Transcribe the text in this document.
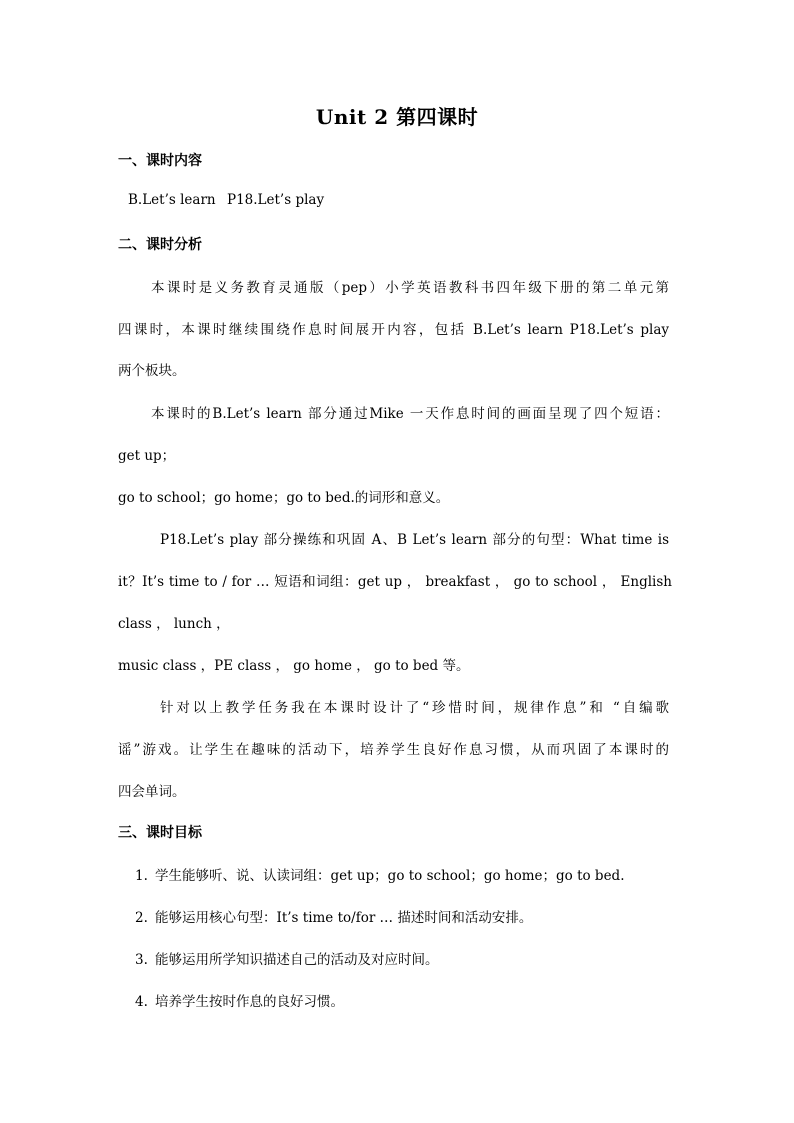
Unit 2 第四课时
一、课时内容
B.Let’s learn P18.Let’s play
二、课时分析
本课时是义务教育灵通版（pep）小学英语教科书四年级下册的第二单元第
四课时，本课时继续围绕作息时间展开内容，包括 B.Let’s learn P18.Let’s play
两个板块。
本课时的B.Let’s learn 部分通过Mike 一天作息时间的画面呈现了四个短语：
get up；
go to school；go home；go to bed.的词形和意义。
P18.Let’s play 部分操练和巩固 A、B Let’s learn 部分的句型：What time is
it？It’s time to / for … 短语和词组：get up ， breakfast ， go to school ， English
class ， lunch ，
music class ，PE class ， go home ， go to bed 等。
针对以上教学任务我在本课时设计了“珍惜时间，规律作息”和 “自编歌
谣”游戏。让学生在趣味的活动下，培养学生良好作息习惯，从而巩固了本课时的
四会单词。
三、课时目标
1. 学生能够听、说、认读词组：get up；go to school；go home；go to bed.
2. 能够运用核心句型：It’s time to/for … 描述时间和活动安排。
3. 能够运用所学知识描述自己的活动及对应时间。
4. 培养学生按时作息的良好习惯。
